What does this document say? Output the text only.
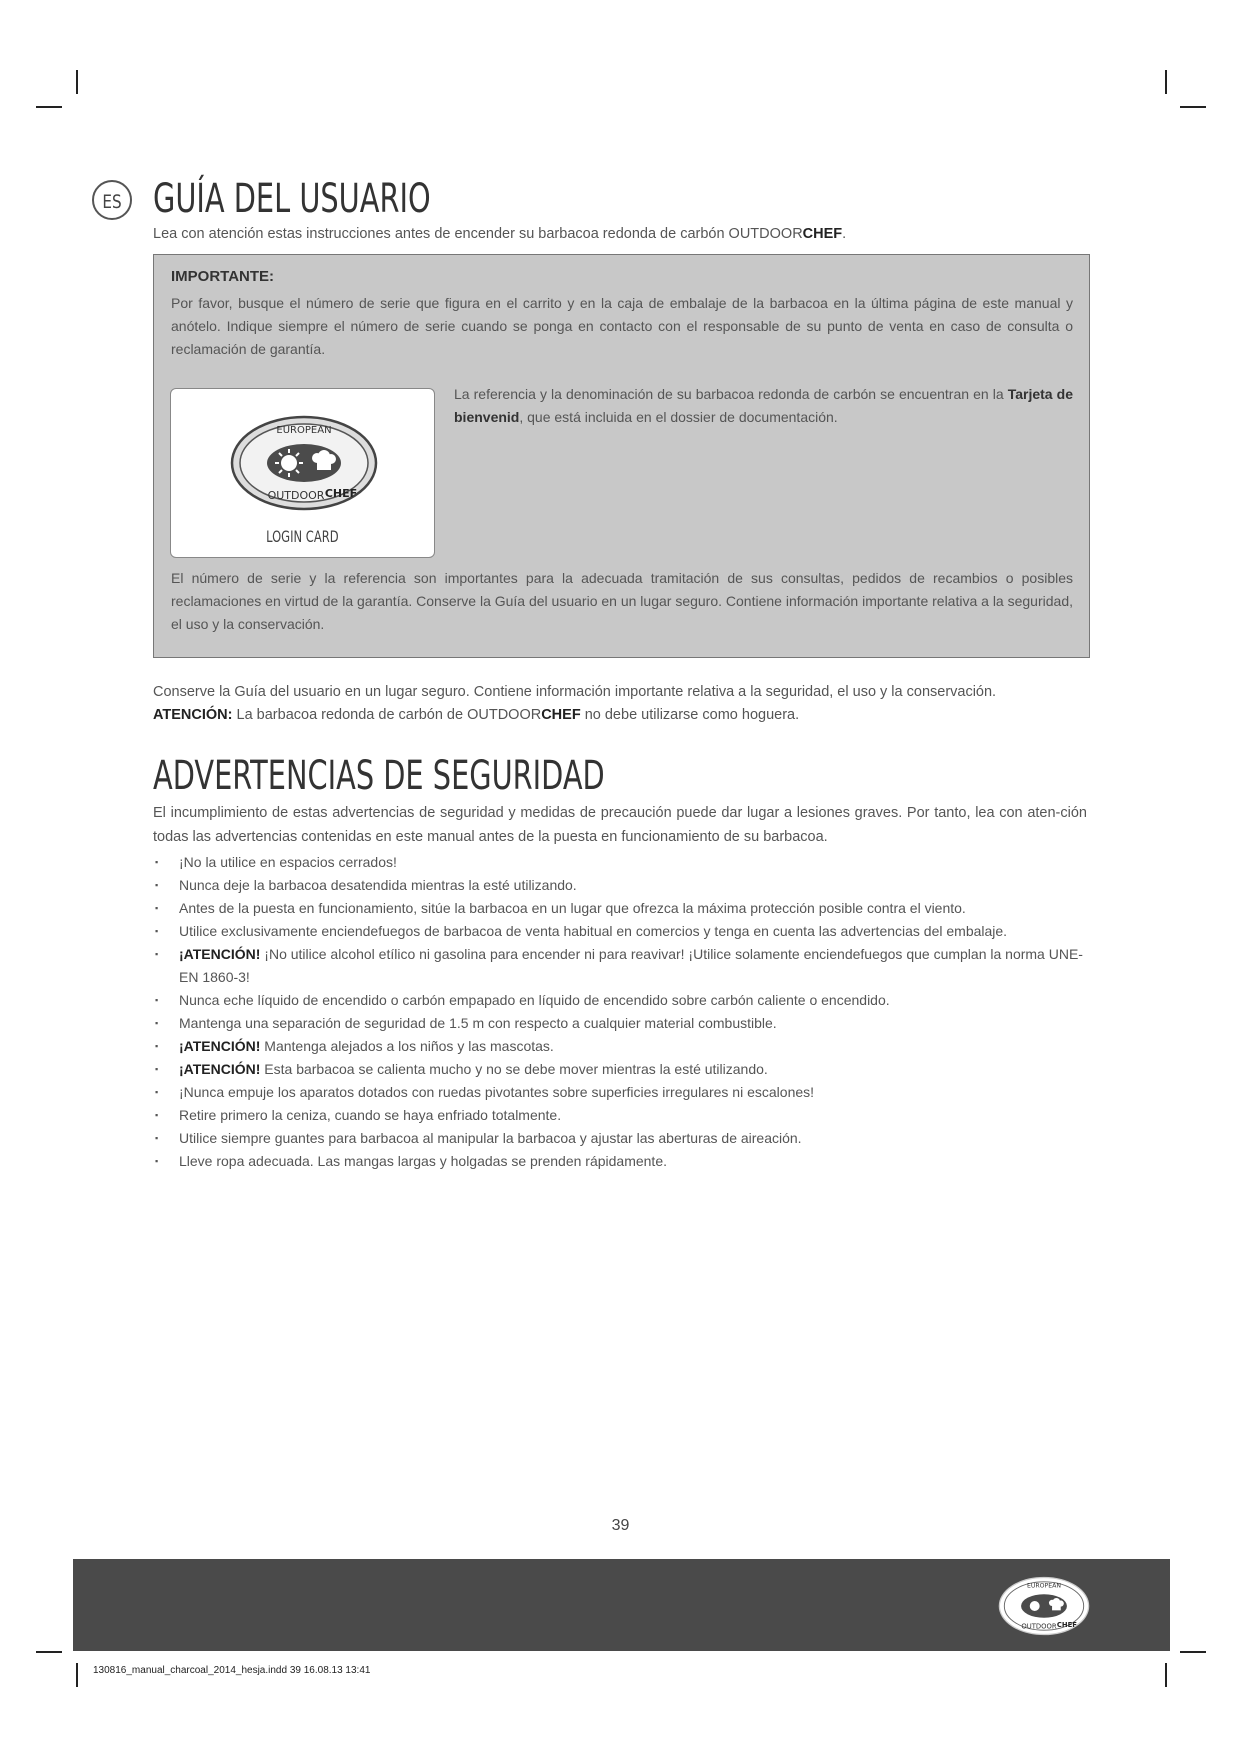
ES GUÍA DEL USUARIO
Lea con atención estas instrucciones antes de encender su barbacoa redonda de carbón OUTDOORCHEF.
IMPORTANTE:
Por favor, busque el número de serie que figura en el carrito y en la caja de embalaje de la barbacoa en la última página de este manual y anótelo. Indique siempre el número de serie cuando se ponga en contacto con el responsable de su punto de venta en caso de consulta o reclamación de garantía.
EUROPEAN
OUTDOOR CHEF
LOGIN CARD
La referencia y la denominación de su barbacoa redonda de carbón se encuentran en la Tarjeta de bienvenid, que está incluida en el dossier de documentación.
El número de serie y la referencia son importantes para la adecuada tramitación de sus consultas, pedidos de recambios o posibles reclamaciones en virtud de la garantía. Conserve la Guía del usuario en un lugar seguro. Contiene información importante relativa a la seguridad, el uso y la conservación.
Conserve la Guía del usuario en un lugar seguro. Contiene información importante relativa a la seguridad, el uso y la conservación.
ATENCIÓN: La barbacoa redonda de carbón de OUTDOORCHEF no debe utilizarse como hoguera.
ADVERTENCIAS DE SEGURIDAD
El incumplimiento de estas advertencias de seguridad y medidas de precaución puede dar lugar a lesiones graves. Por tanto, lea con aten-ción todas las advertencias contenidas en este manual antes de la puesta en funcionamiento de su barbacoa.
▪ ¡No la utilice en espacios cerrados!
▪ Nunca deje la barbacoa desatendida mientras la esté utilizando.
▪ Antes de la puesta en funcionamiento, sitúe la barbacoa en un lugar que ofrezca la máxima protección posible contra el viento.
▪ Utilice exclusivamente enciendefuegos de barbacoa de venta habitual en comercios y tenga en cuenta las advertencias del embalaje.
▪ ¡ATENCIÓN! ¡No utilice alcohol etílico ni gasolina para encender ni para reavivar! ¡Utilice solamente enciendefuegos que cumplan la norma UNE-EN 1860-3!
▪ Nunca eche líquido de encendido o carbón empapado en líquido de encendido sobre carbón caliente o encendido.
▪ Mantenga una separación de seguridad de 1.5 m con respecto a cualquier material combustible.
▪ ¡ATENCIÓN! Mantenga alejados a los niños y las mascotas.
▪ ¡ATENCIÓN! Esta barbacoa se calienta mucho y no se debe mover mientras la esté utilizando.
▪ ¡Nunca empuje los aparatos dotados con ruedas pivotantes sobre superficies irregulares ni escalones!
▪ Retire primero la ceniza, cuando se haya enfriado totalmente.
▪ Utilice siempre guantes para barbacoa al manipular la barbacoa y ajustar las aberturas de aireación.
▪ Lleve ropa adecuada. Las mangas largas y holgadas se prenden rápidamente.
39
EUROPEAN
OUTDOOR CHEF
130816_manual_charcoal_2014_hesja.indd 39 16.08.13 13:41
